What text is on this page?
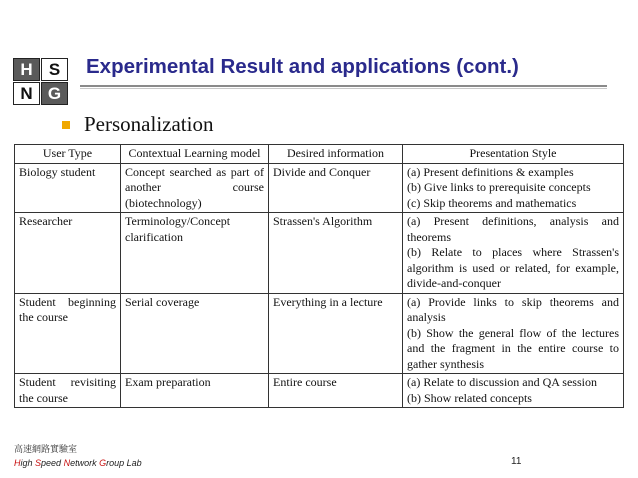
H S
N G
Experimental Result and applications (cont.)
Personalization
User Type	Contextual Learning model	Desired information	Presentation Style

Biology student	Concept searched as part of
another course
(biotechnology)	Divide and Conquer	(a) Present definitions & examples
(b) Give links to prerequisite concepts
(c) Skip theorems and mathematics

Researcher	Terminology/Concept
clarification	Strassen's Algorithm	(a) Present definitions, analysis and
theorems
(b) Relate to places where Strassen's
algorithm is used or related, for example,
divide-and-conquer

Student beginning
the course	Serial coverage	Everything in a lecture	(a) Provide links to skip theorems and
analysis
(b) Show the general flow of the lectures
and the fragment in the entire course to
gather synthesis

Student revisiting
the course	Exam preparation	Entire course	(a) Relate to discussion and QA session
(b) Show related concepts
高速網路實驗室
High Speed Network Group Lab	11
